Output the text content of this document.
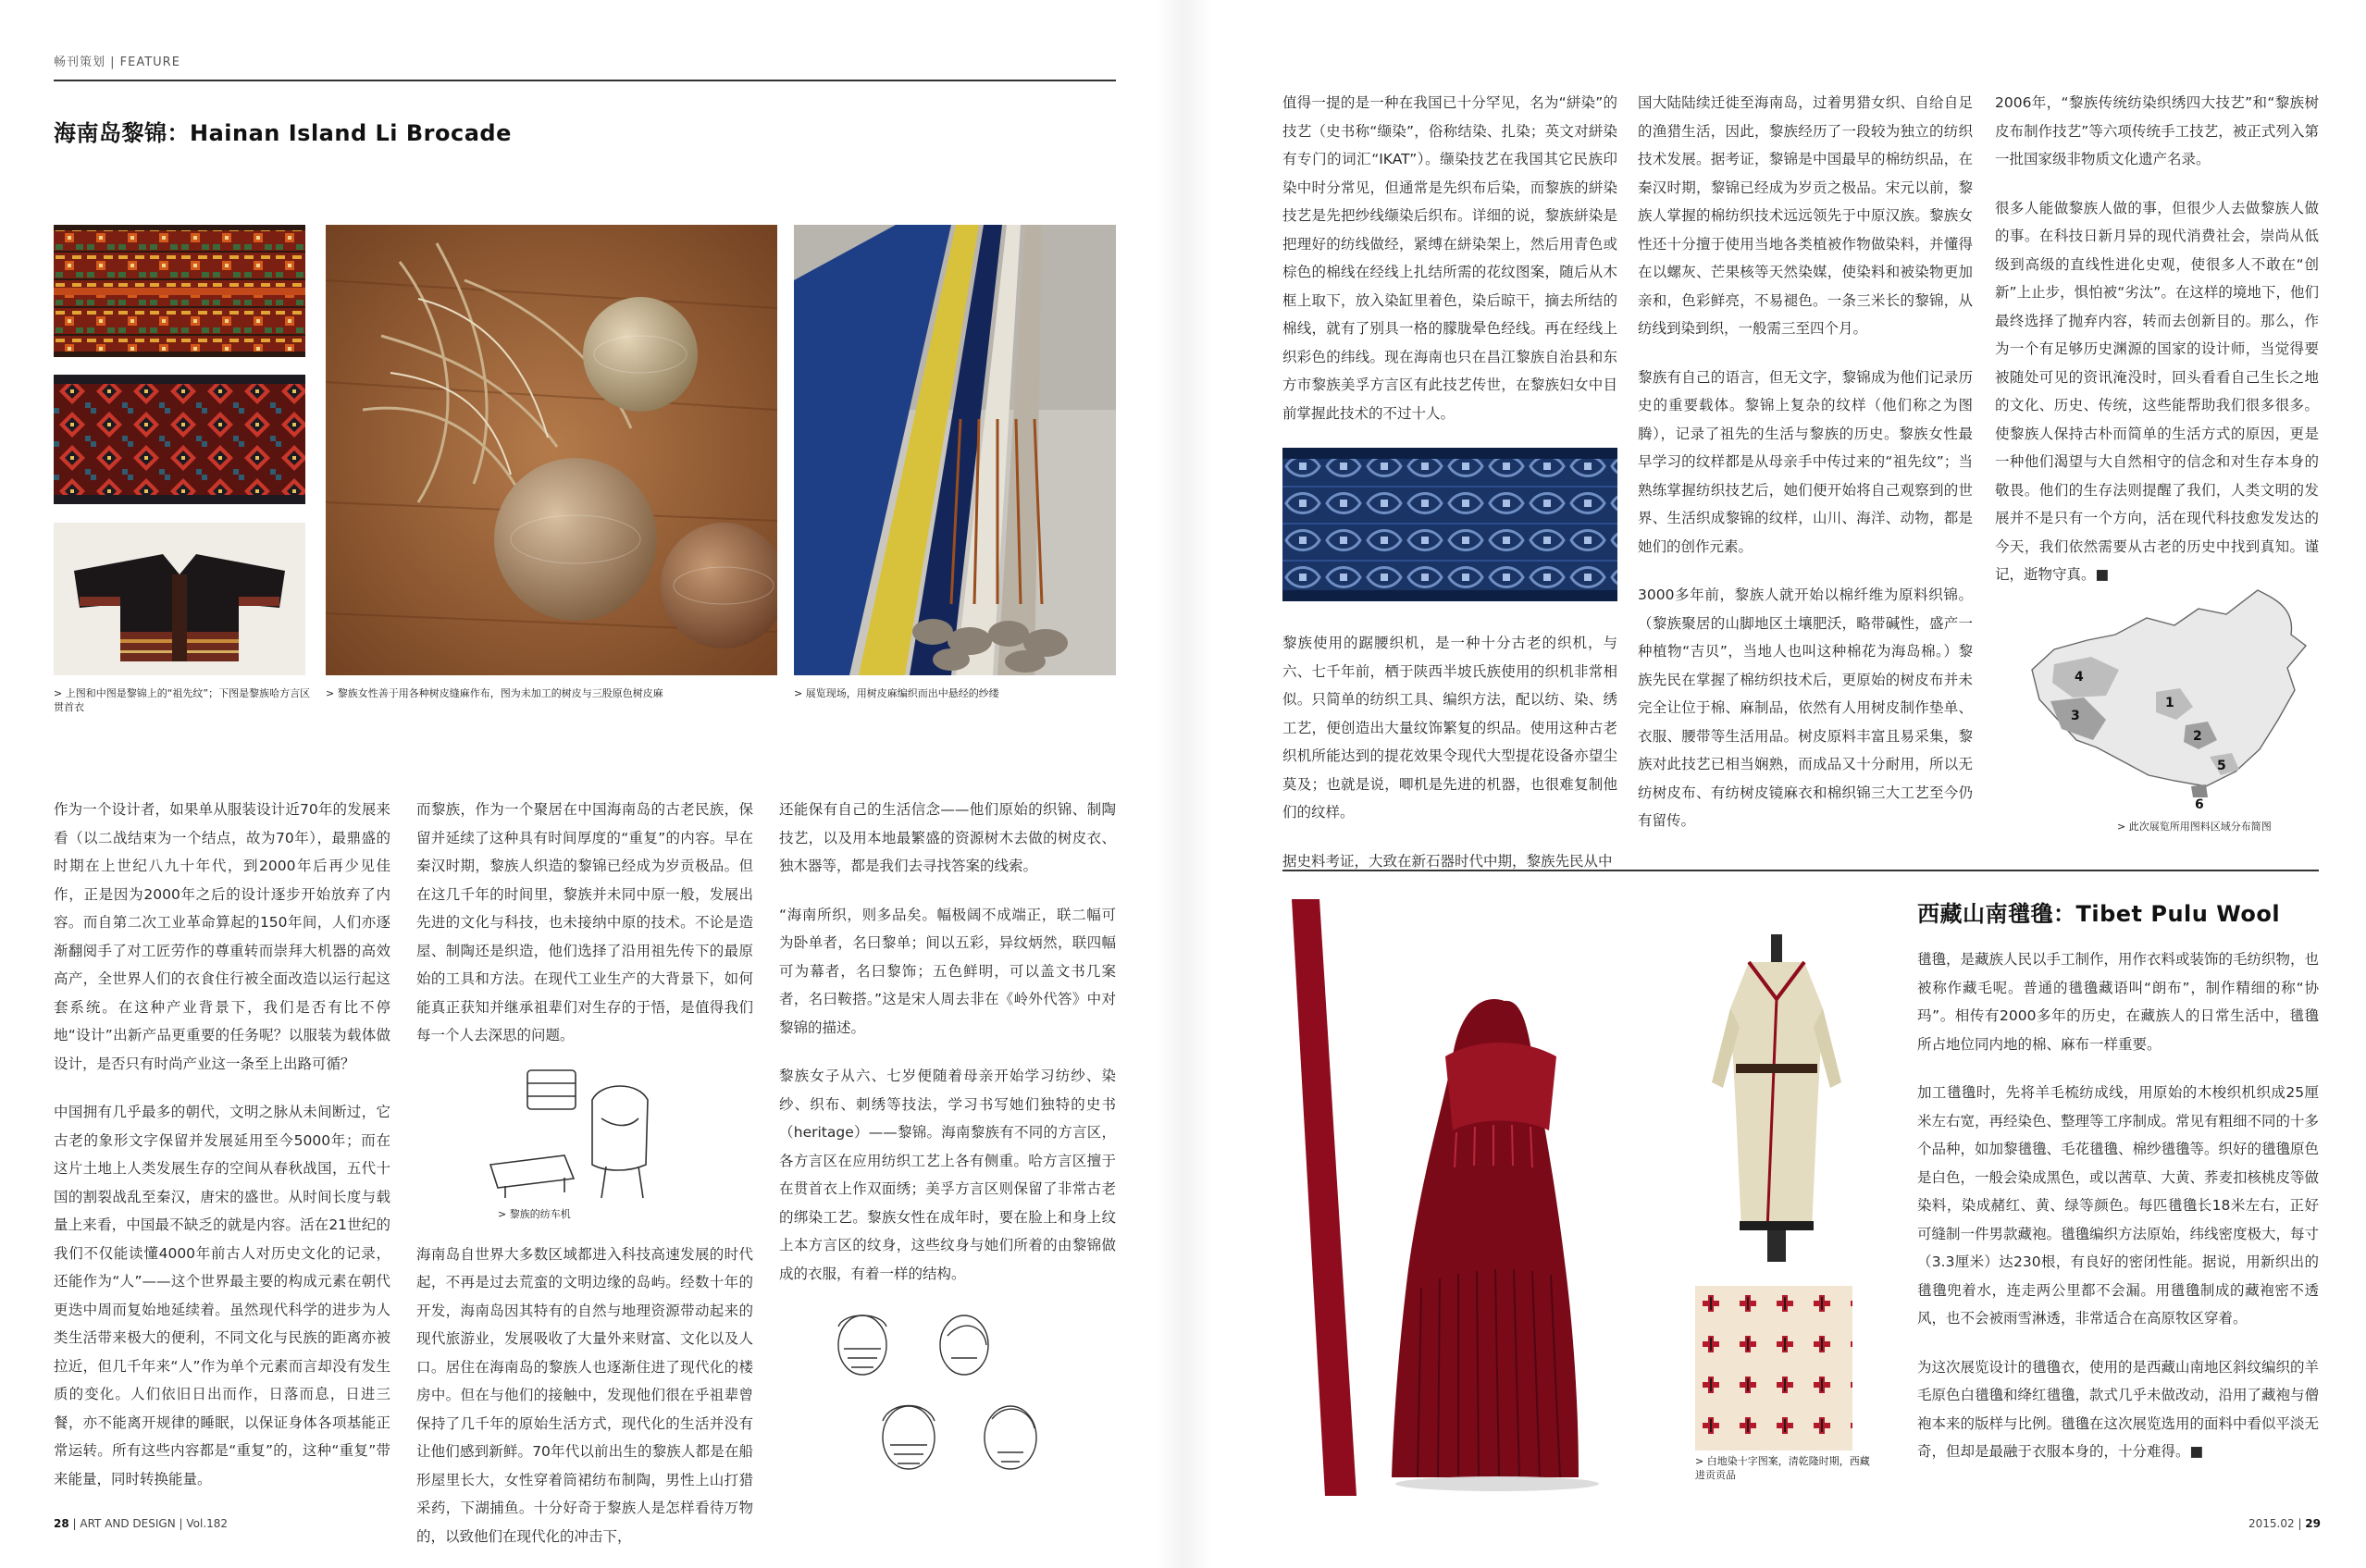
畅刊策划 | FEATURE
海南岛黎锦：Hainan Island Li Brocade
> 上图和中图是黎锦上的“祖先纹”；下图是黎族哈方言区贯首衣
> 黎族女性善于用各种树皮缝麻作布，图为未加工的树皮与三股原色树皮麻	> 展览现场，用树皮麻编织而出中悬经的纱缕

作为一个设计者，如果单从服装设计近70年的发展来看（以二战结束为一个结点，故为70年），最鼎盛的时期在上世纪八九十年代，到2000年后再少见佳作，正是因为2000年之后的设计逐步开始放弃了内容。而自第二次工业革命算起的150年间，人们亦逐渐翻阅手了对工匠劳作的尊重转而崇拜大机器的高效高产，全世界人们的衣食住行被全面改造以运行起这套系统。在这种产业背景下，我们是否有比不停地“设计”出新产品更重要的任务呢？以服装为载体做设计，是否只有时尚产业这一条至上出路可循？

中国拥有几乎最多的朝代，文明之脉从未间断过，它古老的象形文字保留并发展延用至今5000年；而在这片土地上人类发展生存的空间从春秋战国，五代十国的割裂战乱至秦汉，唐宋的盛世。从时间长度与载量上来看，中国最不缺乏的就是内容。活在21世纪的我们不仅能读懂4000年前古人对历史文化的记录，还能作为“人”——这个世界最主要的构成元素在朝代更迭中周而复始地延续着。虽然现代科学的进步为人类生活带来极大的便利，不同文化与民族的距离亦被拉近，但几千年来“人”作为单个元素而言却没有发生质的变化。人们依旧日出而作，日落而息，日进三餐，亦不能离开规律的睡眠，以保证身体各项基能正常运转。所有这些内容都是“重复”的，这种“重复”带来能量，同时转换能量。

而黎族，作为一个聚居在中国海南岛的古老民族，保留并延续了这种具有时间厚度的“重复”的内容。早在秦汉时期，黎族人织造的黎锦已经成为岁贡极品。但在这几千年的时间里，黎族并未同中原一般，发展出先进的文化与科技，也未接纳中原的技术。不论是造屋、制陶还是织造，他们选择了沿用祖先传下的最原始的工具和方法。在现代工业生产的大背景下，如何能真正获知并继承祖辈们对生存的于悟，是值得我们每一个人去深思的问题。

> 黎族的纺车机

海南岛自世界大多数区域都进入科技高速发展的时代起，不再是过去荒蛮的文明边缘的岛屿。经数十年的开发，海南岛因其特有的自然与地理资源带动起来的现代旅游业，发展吸收了大量外来财富、文化以及人口。居住在海南岛的黎族人也逐渐住进了现代化的楼房中。但在与他们的接触中，发现他们很在乎祖辈曾保持了几千年的原始生活方式，现代化的生活并没有让他们感到新鲜。70年代以前出生的黎族人都是在船形屋里长大，女性穿着筒裙纺布制陶，男性上山打猎采药，下湖捕鱼。十分好奇于黎族人是怎样看待万物的，以致他们在现代化的冲击下，

还能保有自己的生活信念——他们原始的织锦、制陶技艺，以及用本地最繁盛的资源树木去做的树皮衣、独木器等，都是我们去寻找答案的线索。

“海南所织，则多品矣。幅极阔不成端正，联二幅可为卧单者，名曰黎单；间以五彩，异纹炳然，联四幅可为幕者，名曰黎饰；五色鲜明，可以盖文书几案者，名曰鞍搭。”这是宋人周去非在《岭外代答》中对黎锦的描述。

黎族女子从六、七岁便随着母亲开始学习纺纱、染纱、织布、刺绣等技法，学习书写她们独特的史书（heritage）——黎锦。海南黎族有不同的方言区，各方言区在应用纺织工艺上各有侧重。哈方言区擅于在贯首衣上作双面绣；美孚方言区则保留了非常古老的绑染工艺。黎族女性在成年时，要在脸上和身上纹上本方言区的纹身，这些纹身与她们所着的由黎锦做成的衣服，有着一样的结构。

28 | ART AND DESIGN | Vol.182

值得一提的是一种在我国已十分罕见，名为“絣染”的技艺（史书称“缬染”，俗称结染、扎染；英文对絣染有专门的词汇“IKAT”）。缬染技艺在我国其它民族印染中时分常见，但通常是先织布后染，而黎族的絣染技艺是先把纱线缬染后织布。详细的说，黎族絣染是把理好的纺线做经，紧缚在絣染架上，然后用青色或棕色的棉线在经线上扎结所需的花纹图案，随后从木框上取下，放入染缸里着色，染后晾干，摘去所结的棉线，就有了别具一格的朦胧晕色经线。再在经线上织彩色的纬线。现在海南也只在昌江黎族自治县和东方市黎族美孚方言区有此技艺传世，在黎族妇女中目前掌握此技术的不过十人。

黎族使用的踞腰织机，是一种十分古老的织机，与六、七千年前，栖于陕西半坡氏族使用的织机非常相似。只简单的纺织工具、编织方法，配以纺、染、绣工艺，便创造出大量纹饰繁复的织品。使用这种古老织机所能达到的提花效果令现代大型提花设备亦望尘莫及；也就是说，唧机是先进的机器，也很难复制他们的纹样。

据史料考证，大致在新石器时代中期，黎族先民从中

国大陆陆续迁徙至海南岛，过着男猎女织、自给自足的渔猎生活，因此，黎族经历了一段较为独立的纺织技术发展。据考证，黎锦是中国最早的棉纺织品，在秦汉时期，黎锦已经成为岁贡之极品。宋元以前，黎族人掌握的棉纺织技术远远领先于中原汉族。黎族女性还十分擅于使用当地各类植被作物做染料，并懂得在以螺灰、芒果核等天然染媒，使染料和被染物更加亲和，色彩鲜亮，不易褪色。一条三米长的黎锦，从纺线到染到织，一般需三至四个月。

黎族有自己的语言，但无文字，黎锦成为他们记录历史的重要载体。黎锦上复杂的纹样（他们称之为图腾），记录了祖先的生活与黎族的历史。黎族女性最早学习的纹样都是从母亲手中传过来的“祖先纹”；当熟练掌握纺织技艺后，她们便开始将自己观察到的世界、生活织成黎锦的纹样，山川、海洋、动物，都是她们的创作元素。

3000多年前，黎族人就开始以棉纤维为原料织锦。（黎族聚居的山脚地区土壤肥沃，略带碱性，盛产一种植物“吉贝”，当地人也叫这种棉花为海岛棉。）黎族先民在掌握了棉纺织技术后，更原始的树皮布并未完全让位于棉、麻制品，依然有人用树皮制作垫单、衣服、腰带等生活用品。树皮原料丰富且易采集，黎族对此技艺已相当娴熟，而成品又十分耐用，所以无纺树皮布、有纺树皮镜麻衣和棉织锦三大工艺至今仍有留传。

2006年，“黎族传统纺染织绣四大技艺”和“黎族树皮布制作技艺”等六项传统手工技艺，被正式列入第一批国家级非物质文化遗产名录。

很多人能做黎族人做的事，但很少人去做黎族人做的事。在科技日新月异的现代消费社会，崇尚从低级到高级的直线性进化史观，使很多人不敢在“创新”上止步，惧怕被“劣汰”。在这样的境地下，他们最终选择了抛弃内容，转而去创新目的。那么，作为一个有足够历史渊源的国家的设计师，当觉得要被随处可见的资讯淹没时，回头看看自己生长之地的文化、历史、传统，这些能帮助我们很多很多。使黎族人保持古朴而简单的生活方式的原因，更是一种他们渴望与大自然相守的信念和对生存本身的敬畏。他们的生存法则提醒了我们，人类文明的发展并不是只有一个方向，活在现代科技愈发发达的今天，我们依然需要从古老的历史中找到真知。谨记，逝物守真。■

4
3
1
2
5
6
> 此次展览所用图料区域分布简图
> 白地染十字图案，清乾隆时期，西藏进贡贡品
西藏山南氆氇：Tibet Pulu Wool

氆氇，是藏族人民以手工制作，用作衣料或装饰的毛纺织物，也被称作藏毛呢。普通的氆氇藏语叫“朗布”，制作精细的称“协玛”。相传有2000多年的历史，在藏族人的日常生活中，氆氇所占地位同内地的棉、麻布一样重要。

加工氆氇时，先将羊毛梳纺成线，用原始的木梭织机织成25厘米左右宽，再经染色、整理等工序制成。常见有粗细不同的十多个品种，如加黎氆氇、毛花氆氇、棉纱氆氇等。织好的氆氇原色是白色，一般会染成黑色，或以茜草、大黄、荞麦扣核桃皮等做染料，染成赭红、黄、绿等颜色。每匹氆氇长18米左右，正好可缝制一件男款藏袍。氆氇编织方法原始，纬线密度极大，每寸（3.3厘米）达230根，有良好的密闭性能。据说，用新织出的氆氇兜着水，连走两公里都不会漏。用氆氇制成的藏袍密不透风，也不会被雨雪淋透，非常适合在高原牧区穿着。

为这次展览设计的氆氇衣，使用的是西藏山南地区斜纹编织的羊毛原色白氆氇和绛红氆氇，款式几乎未做改动，沿用了藏袍与僧袍本来的版样与比例。氆氇在这次展览选用的面料中看似平淡无奇，但却是最融于衣服本身的，十分难得。■

2015.02 | 29
